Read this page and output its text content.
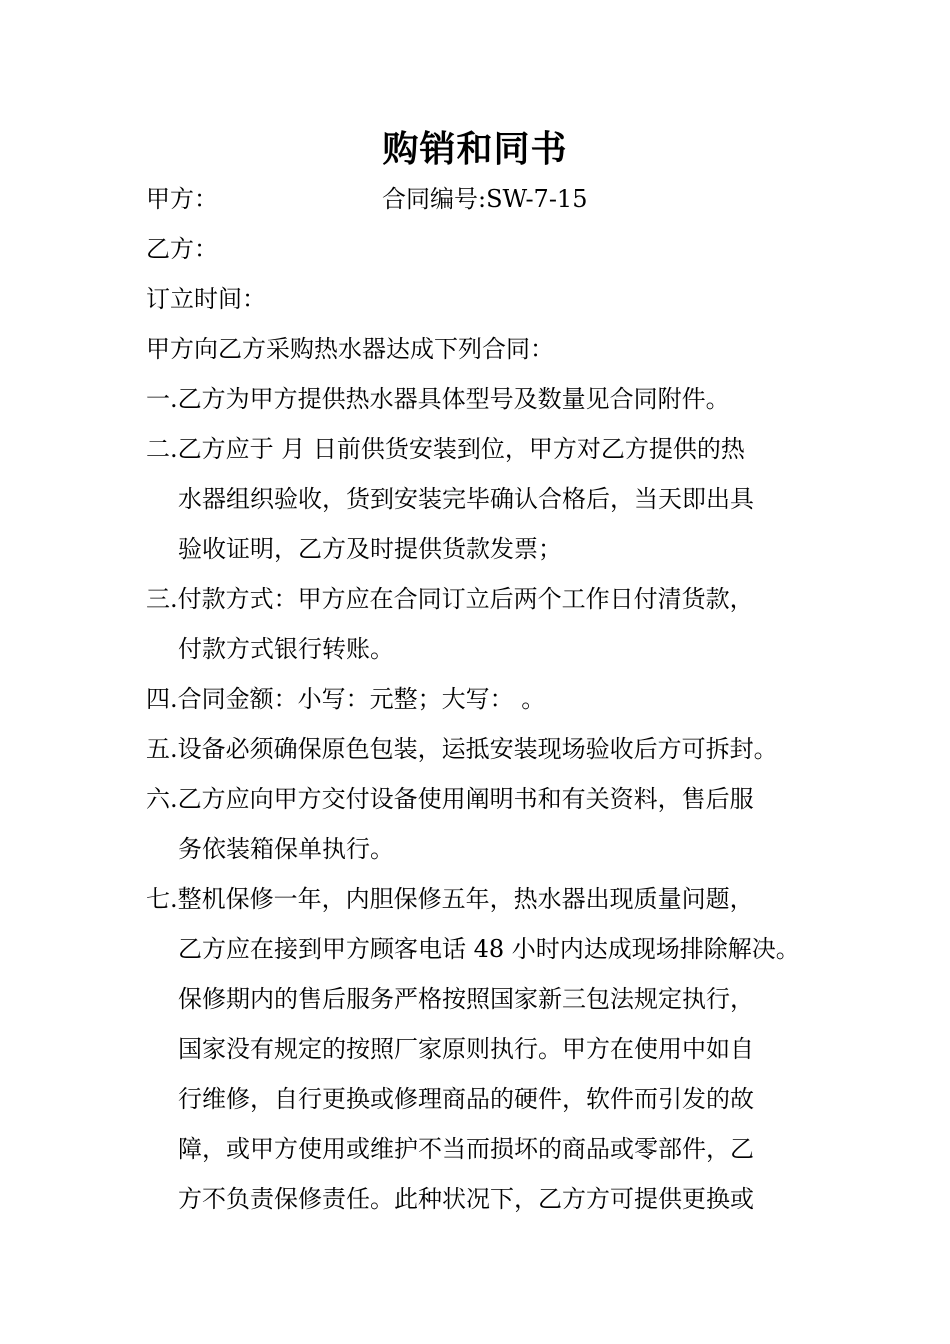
购销和同书
甲方：	合同编号:SW-7-15
乙方：
订立时间：
甲方向乙方采购热水器达成下列合同：
一.乙方为甲方提供热水器具体型号及数量见合同附件。
二.乙方应于 月 日前供货安装到位，甲方对乙方提供的热
水器组织验收，货到安装完毕确认合格后，当天即出具
验收证明，乙方及时提供货款发票；
三.付款方式：甲方应在合同订立后两个工作日付清货款，
付款方式银行转账。
四.合同金额：小写：元整；大写： 。
五.设备必须确保原色包装，运抵安装现场验收后方可拆封。
六.乙方应向甲方交付设备使用阐明书和有关资料，售后服
务依装箱保单执行。
七.整机保修一年，内胆保修五年，热水器出现质量问题，
乙方应在接到甲方顾客电话 48 小时内达成现场排除解决。
保修期内的售后服务严格按照国家新三包法规定执行，
国家没有规定的按照厂家原则执行。甲方在使用中如自
行维修，自行更换或修理商品的硬件，软件而引发的故
障，或甲方使用或维护不当而损坏的商品或零部件，乙
方不负责保修责任。此种状况下，乙方方可提供更换或
